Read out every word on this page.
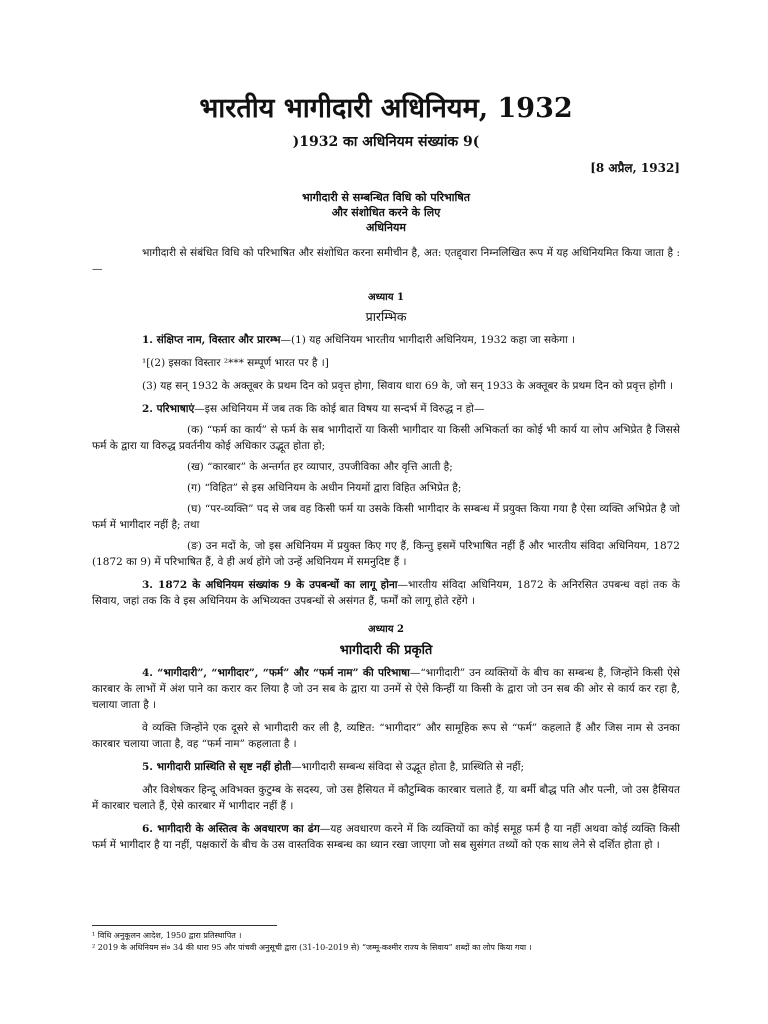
भारतीय भागीदारी अधिनियम, 1932

)1932 का अधिनियम संख्यांक 9(

[8 अप्रैल, 1932]

भागीदारी से सम्बन्धित विधि को परिभाषित
और संशोधित करने के लिए
अधिनियम

भागीदारी से संबंधित विधि को परिभाषित और संशोधित करना समीचीन है, अत: एतद्द्वारा निम्नलिखित रूप में यह अधिनियमित किया जाता है :—

अध्याय 1

प्रारम्भिक

1. संक्षिप्त नाम, विस्तार और प्रारम्भ—(1) यह अधिनियम भारतीय भागीदारी अधिनियम, 1932 कहा जा सकेगा ।

¹[(2) इसका विस्तार ²*** सम्पूर्ण भारत पर है ।]

(3) यह सन् 1932 के अक्तूबर के प्रथम दिन को प्रवृत्त होगा, सिवाय धारा 69 के, जो सन् 1933 के अक्तूबर के प्रथम दिन को प्रवृत्त होगी ।

2. परिभाषाएं—इस अधिनियम में जब तक कि कोई बात विषय या सन्दर्भ में विरुद्ध न हो—

(क) “फर्म का कार्य” से फर्म के सब भागीदारों या किसी भागीदार या किसी अभिकर्ता का कोई भी कार्य या लोप अभिप्रेत है जिससे फर्म के द्वारा या विरुद्ध प्रवर्तनीय कोई अधिकार उद्भूत होता हो;

(ख) “कारबार” के अन्तर्गत हर व्यापार, उपजीविका और वृत्ति आती है;

(ग) “विहित” से इस अधिनियम के अधीन नियमों द्वारा विहित अभिप्रेत है;

(घ) “पर-व्यक्ति” पद से जब वह किसी फर्म या उसके किसी भागीदार के सम्बन्ध में प्रयुक्त किया गया है ऐसा व्यक्ति अभिप्रेत है जो फर्म में भागीदार नहीं है; तथा

(ङ) उन मदों के, जो इस अधिनियम में प्रयुक्त किए गए हैं, किन्तु इसमें परिभाषित नहीं हैं और भारतीय संविदा अधिनियम, 1872 (1872 का 9) में परिभाषित हैं, वे ही अर्थ होंगे जो उन्हें अधिनियम में समनुदिष्ट हैं ।

3. 1872 के अधिनियम संख्यांक 9 के उपबन्धों का लागू होना—भारतीय संविदा अधिनियम, 1872 के अनिरसित उपबन्ध वहां तक के सिवाय, जहां तक कि वे इस अधिनियम के अभिव्यक्त उपबन्धों से असंगत हैं, फर्मों को लागू होते रहेंगे ।

अध्याय 2

भागीदारी की प्रकृति

4. “भागीदारी”, “भागीदार”, “फर्म” और “फर्म नाम” की परिभाषा—“भागीदारी” उन व्यक्तियों के बीच का सम्बन्ध है, जिन्होंने किसी ऐसे कारबार के लाभों में अंश पाने का करार कर लिया है जो उन सब के द्वारा या उनमें से ऐसे किन्हीं या किसी के द्वारा जो उन सब की ओर से कार्य कर रहा है, चलाया जाता है ।

वे व्यक्ति जिन्होंने एक दूसरे से भागीदारी कर ली है, व्यष्टित: “भागीदार” और सामूहिक रूप से “फर्म” कहलाते हैं और जिस नाम से उनका कारबार चलाया जाता है, वह “फर्म नाम” कहलाता है ।

5. भागीदारी प्रास्थिति से सृष्ट नहीं होती—भागीदारी सम्बन्ध संविदा से उद्भूत होता है, प्रास्थिति से नहीं;

और विशेषकर हिन्दू अविभक्त कुटुम्ब के सदस्य, जो उस हैसियत में कौटुम्बिक कारबार चलाते हैं, या बर्मी बौद्ध पति और पत्नी, जो उस हैसियत में कारबार चलाते हैं, ऐसे कारबार में भागीदार नहीं हैं ।

6. भागीदारी के अस्तित्व के अवधारण का ढंग—यह अवधारण करने में कि व्यक्तियों का कोई समूह फर्म है या नहीं अथवा कोई व्यक्ति किसी फर्म में भागीदार है या नहीं, पक्षकारों के बीच के उस वास्तविक सम्बन्ध का ध्यान रखा जाएगा जो सब सुसंगत तथ्यों को एक साथ लेने से दर्शित होता हो ।

¹ विधि अनुकूलन आदेश, 1950 द्वारा प्रतिस्थापित ।

² 2019 के अधिनियम सं० 34 की धारा 95 और पांचवी अनुसूची द्वारा (31-10-2019 से) “जम्मू-कश्मीर राज्य के सिवाय” शब्दों का लोप किया गया ।
